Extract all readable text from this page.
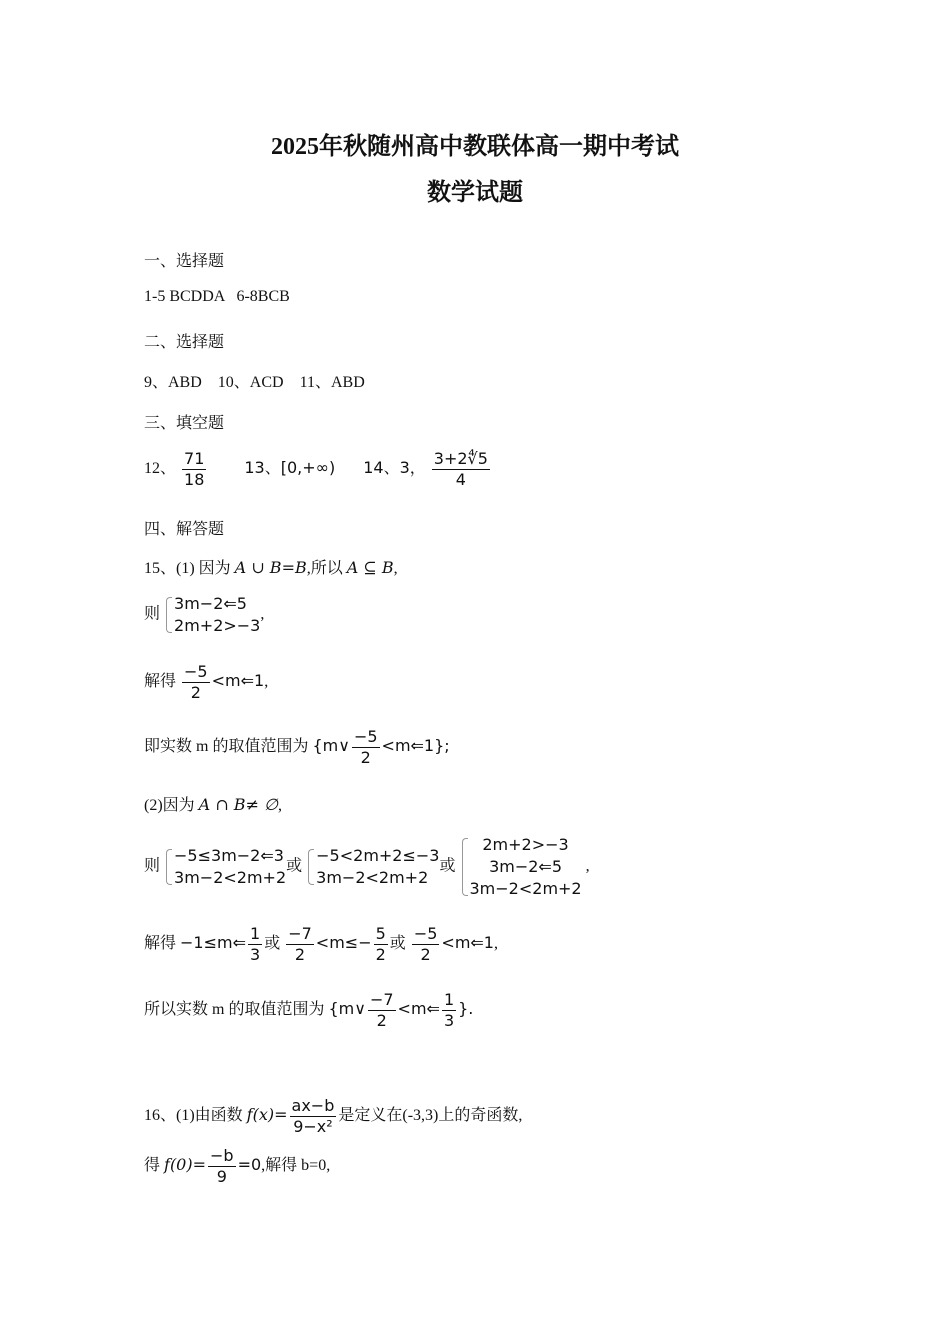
2025年秋随州高中教联体高一期中考试
数学试题
一、选择题
1-5 BCDDA   6-8BCB
二、选择题
9、ABD    10、ACD    11、ABD
三、填空题
12、 $\frac{71}{18} 13$、[0,+∞) 14、3， $\frac{3+2∜5}{4}$
四、解答题
15、(1) 因为 A ∪ B=B,所以 A ⊆ B,
则
3m−2⇐5
2m+2>−3
,
解得 $\frac{-5}{2}$ <m⇐1,
即实数 m 的取值范围为 {m∨ $\frac{-5}{2}$ <m⇐1};
(2)因为 A ∩ B≠ ∅,
则
−5≤3m−2⇐3
3m−2<2m+2
或
−5<2m+2≤−3
3m−2<2m+2
或
2m+2>−3
3m−2⇐5
3m−2<2m+2
,
解得 −1≤m⇐ $\frac{1}{3}$ 或 $\frac{-7}{2} <m\le- \frac{5}{2}$ 或 $\frac{-5}{2}$ <m⇐1,
所以实数 m 的取值范围为 {m∨ $\frac{-7}{2}$ <m⇐ $\frac{1}{3}$ }.
16、(1)由函数 $f(x)= \frac{ax-b}{\text{9−x²}}$ 是定义在(-3,3)上的奇函数,
得 $f(0)= \frac{-b}{9} =0$,解得 b=0,
